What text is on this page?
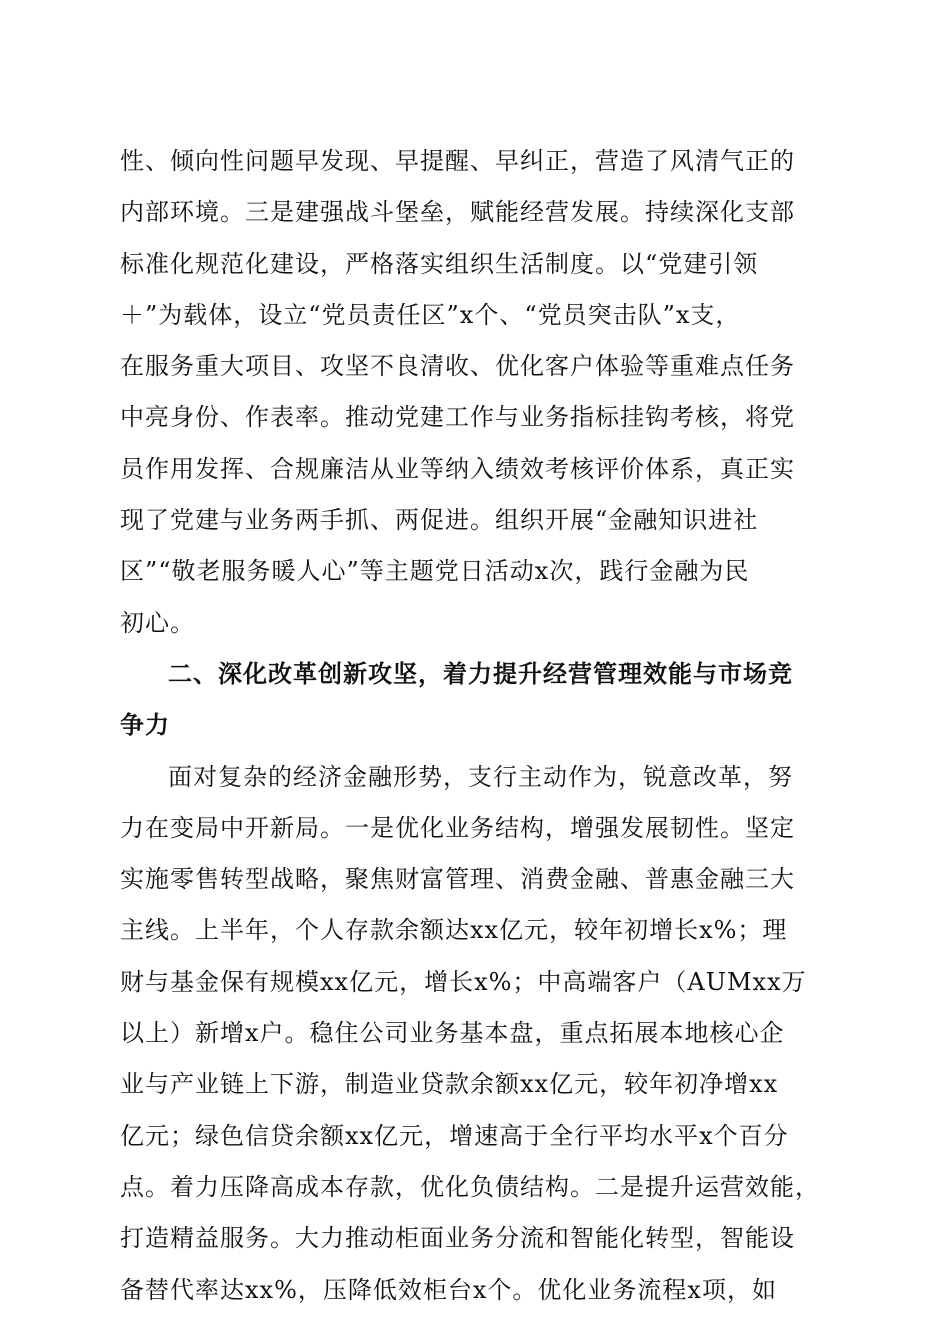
性、倾向性问题早发现、早提醒、早纠正，营造了风清气正的
内部环境。三是建强战斗堡垒，赋能经营发展。持续深化支部
标准化规范化建设，严格落实组织生活制度。以“党建引领
＋”为载体，设立“党员责任区”x个、“党员突击队”x支，
在服务重大项目、攻坚不良清收、优化客户体验等重难点任务
中亮身份、作表率。推动党建工作与业务指标挂钩考核，将党
员作用发挥、合规廉洁从业等纳入绩效考核评价体系，真正实
现了党建与业务两手抓、两促进。组织开展“金融知识进社
区”“敬老服务暖人心”等主题党日活动x次，践行金融为民
初心。
二、深化改革创新攻坚，着力提升经营管理效能与市场竞
争力
面对复杂的经济金融形势，支行主动作为，锐意改革，努
力在变局中开新局。一是优化业务结构，增强发展韧性。坚定
实施零售转型战略，聚焦财富管理、消费金融、普惠金融三大
主线。上半年，个人存款余额达xx亿元，较年初增长x%；理
财与基金保有规模xx亿元，增长x%；中高端客户（AUMxx万
以上）新增x户。稳住公司业务基本盘，重点拓展本地核心企
业与产业链上下游，制造业贷款余额xx亿元，较年初净增xx
亿元；绿色信贷余额xx亿元，增速高于全行平均水平x个百分
点。着力压降高成本存款，优化负债结构。二是提升运营效能，
打造精益服务。大力推动柜面业务分流和智能化转型，智能设
备替代率达xx%，压降低效柜台x个。优化业务流程x项，如
